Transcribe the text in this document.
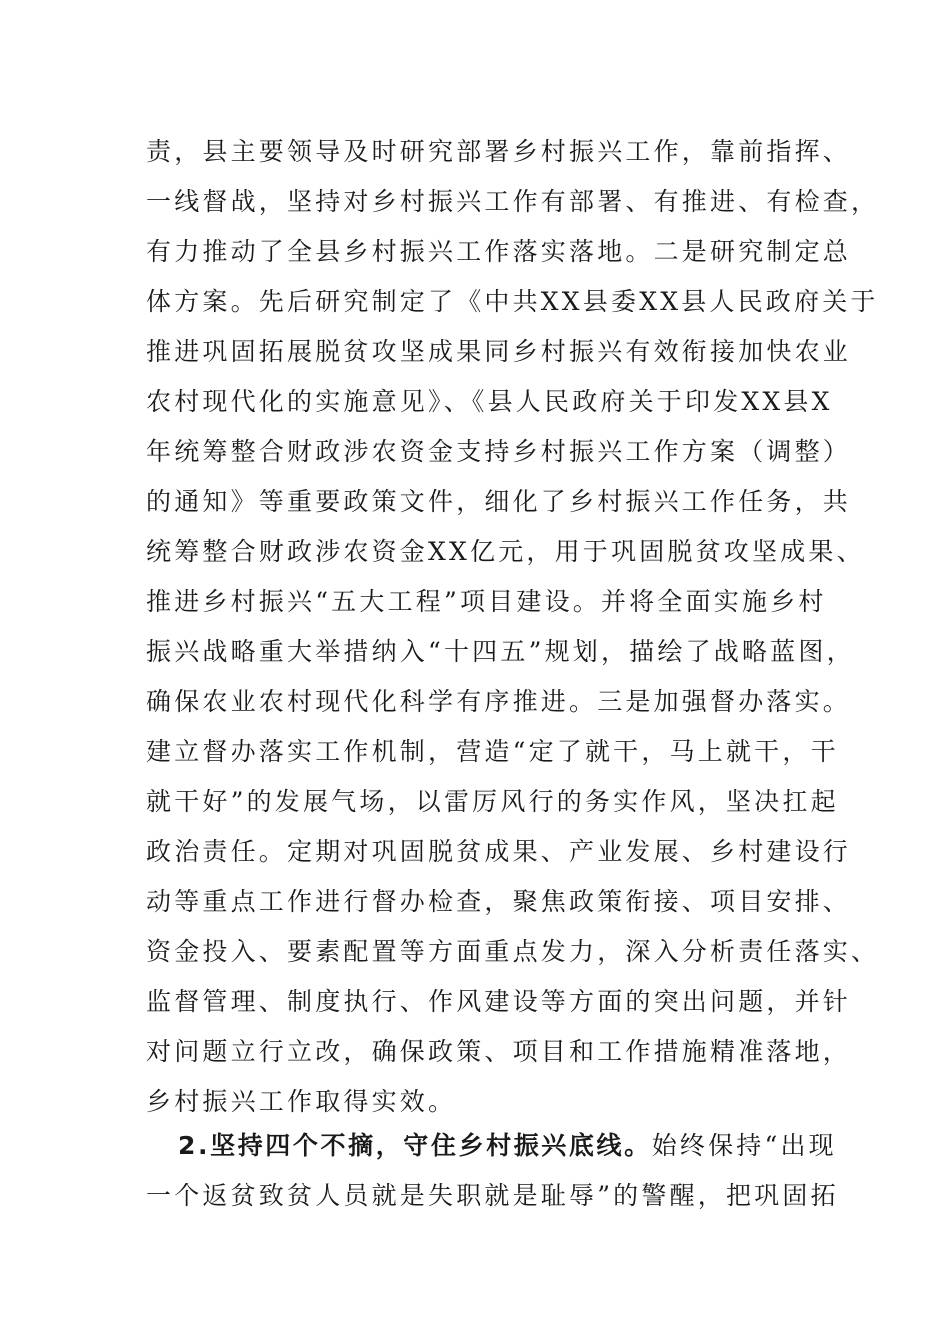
责，县主要领导及时研究部署乡村振兴工作，靠前指挥、
一线督战，坚持对乡村振兴工作有部署、有推进、有检查，
有力推动了全县乡村振兴工作落实落地。二是研究制定总
体方案。先后研究制定了《中共XX县委XX县人民政府关于
推进巩固拓展脱贫攻坚成果同乡村振兴有效衔接加快农业
农村现代化的实施意见》、《县人民政府关于印发XX县X
年统筹整合财政涉农资金支持乡村振兴工作方案（调整）
的通知》等重要政策文件，细化了乡村振兴工作任务，共
统筹整合财政涉农资金XX亿元，用于巩固脱贫攻坚成果、
推进乡村振兴“五大工程”项目建设。并将全面实施乡村
振兴战略重大举措纳入“十四五”规划，描绘了战略蓝图，
确保农业农村现代化科学有序推进。三是加强督办落实。
建立督办落实工作机制，营造“定了就干，马上就干，干
就干好”的发展气场，以雷厉风行的务实作风，坚决扛起
政治责任。定期对巩固脱贫成果、产业发展、乡村建设行
动等重点工作进行督办检查，聚焦政策衔接、项目安排、
资金投入、要素配置等方面重点发力，深入分析责任落实、
监督管理、制度执行、作风建设等方面的突出问题，并针
对问题立行立改，确保政策、项目和工作措施精准落地，
乡村振兴工作取得实效。
2.坚持四个不摘，守住乡村振兴底线。始终保持“出现
一个返贫致贫人员就是失职就是耻辱”的警醒，把巩固拓
